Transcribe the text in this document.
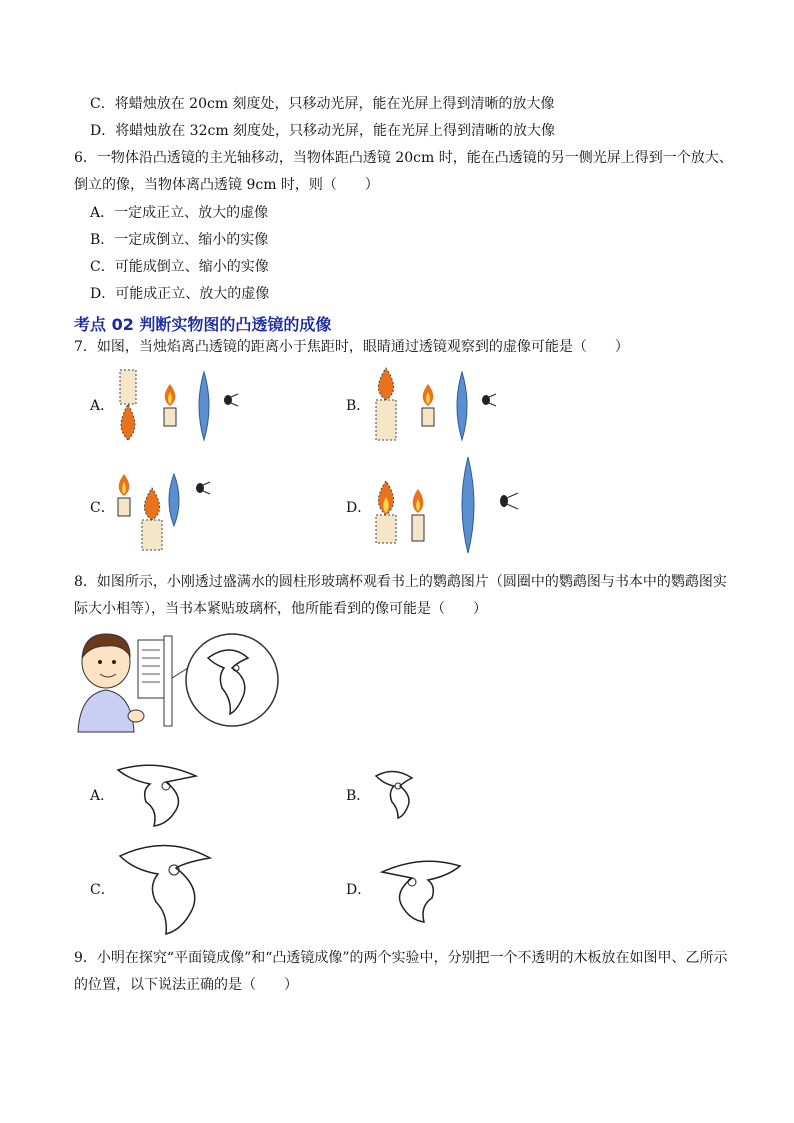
C．将蜡烛放在 20cm 刻度处，只移动光屏，能在光屏上得到清晰的放大像
D．将蜡烛放在 32cm 刻度处，只移动光屏，能在光屏上得到清晰的放大像
6．一物体沿凸透镜的主光轴移动，当物体距凸透镜 20cm 时，能在凸透镜的另一侧光屏上得到一个放大、
倒立的像，当物体离凸透镜 9cm 时，则（　　）
A．一定成正立、放大的虚像
B．一定成倒立、缩小的实像
C．可能成倒立、缩小的实像
D．可能成正立、放大的虚像
考点 02 判断实物图的凸透镜的成像
7．如图，当烛焰离凸透镜的距离小于焦距时，眼睛通过透镜观察到的虚像可能是（　　）
A．	B．
C．	D．
8．如图所示，小刚透过盛满水的圆柱形玻璃杯观看书上的鹦鹉图片（圆圈中的鹦鹉图与书本中的鹦鹉图实
际大小相等），当书本紧贴玻璃杯，他所能看到的像可能是（　　）
A．	B．
C．	D．
9．小明在探究“平面镜成像”和“凸透镜成像”的两个实验中，分别把一个不透明的木板放在如图甲、乙所示
的位置，以下说法正确的是（　　）
